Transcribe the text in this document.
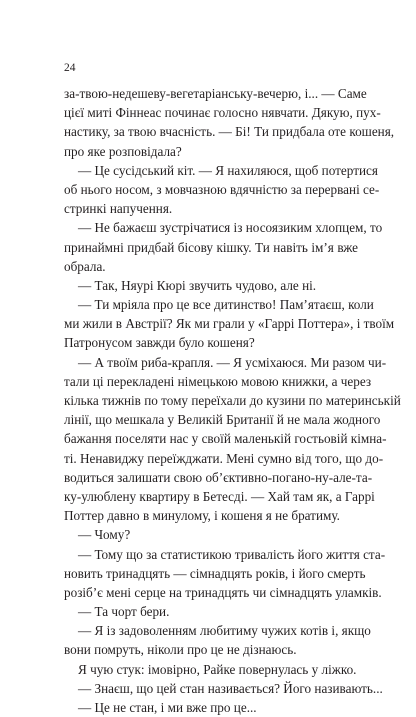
24
за-твою-недешеву-вегетаріанську-вечерю, і... — Саме
цієї миті Фіннеас починає голосно нявчати. Дякую, пух-
настику, за твою вчасність. — Бі! Ти придбала оте кошеня,
про яке розповідала?
— Це сусідський кіт. — Я нахиляюся, щоб потертися
об нього носом, з мовчазною вдячністю за перервані се-
стринкі напучення.
— Не бажаєш зустрічатися із носоязиким хлопцем, то
принаймні придбай бісову кішку. Ти навіть ім’я вже
обрала.
— Так, Няурі Кюрі звучить чудово, але ні.
— Ти мріяла про це все дитинство! Пам’ятаєш, коли
ми жили в Австрії? Як ми грали у «Гаррі Поттера», і твоїм
Патронусом завжди було кошеня?
— А твоїм риба-крапля. — Я усміхаюся. Ми разом чи-
тали ці перекладені німецькою мовою книжки, а через
кілька тижнів по тому переїхали до кузини по материнській
лінії, що мешкала у Великій Британії й не мала жодного
бажання поселяти нас у своїй маленькій гостьовій кімна-
ті. Ненавиджу переїжджати. Мені сумно від того, що до-
водиться залишати свою об’єктивно-погано-ну-але-та-
ку-улюблену квартиру в Бетесді. — Хай там як, а Гаррі
Поттер давно в минулому, і кошеня я не братиму.
— Чому?
— Тому що за статистикою тривалість його життя ста-
новить тринадцять — сімнадцять років, і його смерть
розіб’є мені серце на тринадцять чи сімнадцять уламків.
— Та чорт бери.
— Я із задоволенням любитиму чужих котів і, якщо
вони помруть, ніколи про це не дізнаюсь.
Я чую стук: імовірно, Райке повернулась у ліжко.
— Знаєш, що цей стан називається? Його називають...
— Це не стан, і ми вже про це...
